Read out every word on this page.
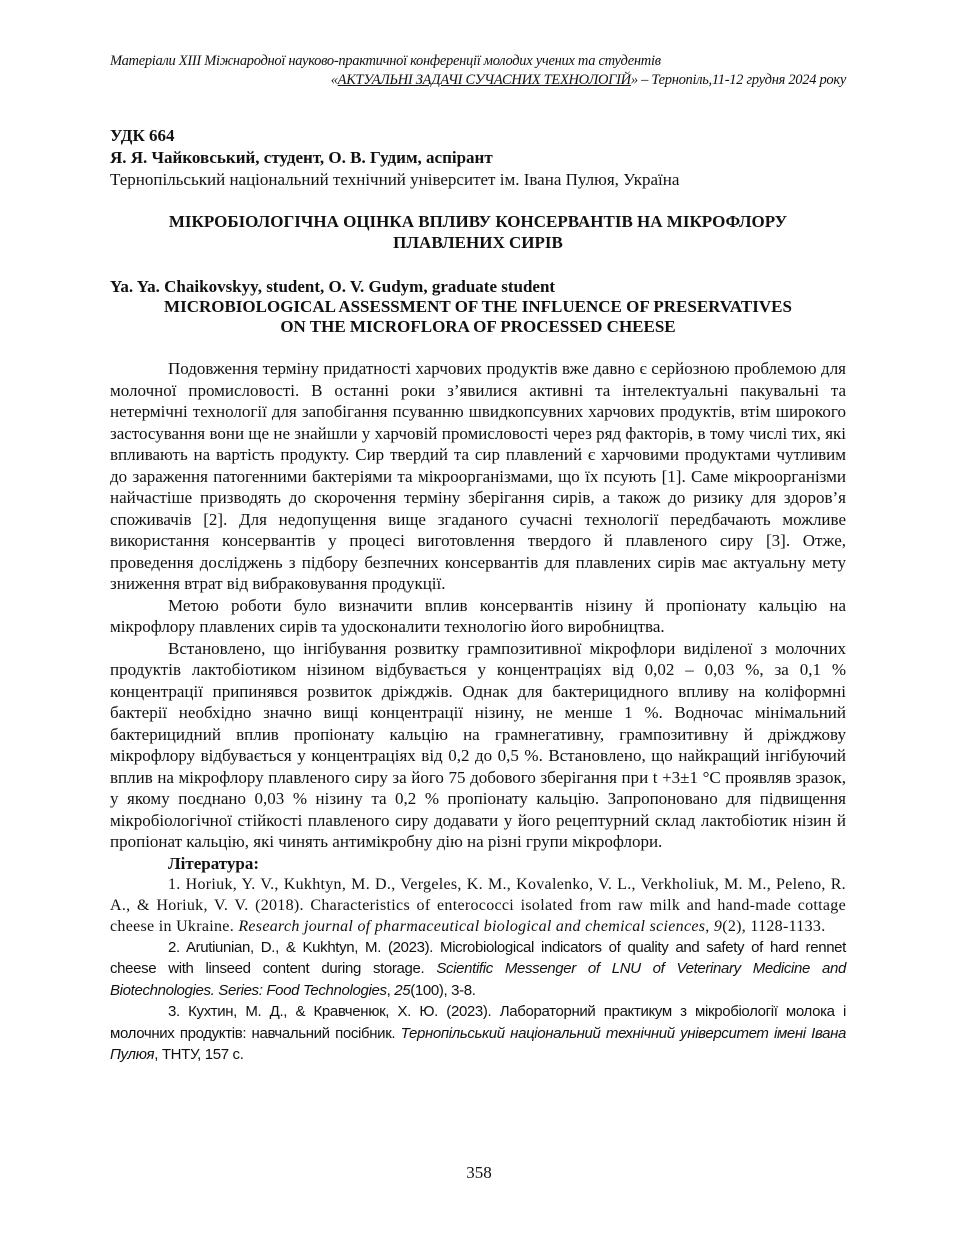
Матеріали XIII Міжнародної науково-практичної конференції молодих учених та студентів
«АКТУАЛЬНІ ЗАДАЧІ СУЧАСНИХ ТЕХНОЛОГІЙ» – Тернопіль,11-12 грудня 2024 року
УДК 664
Я. Я. Чайковський, студент, О. В. Гудим, аспірант
Тернопільський національний технічний університет ім. Івана Пулюя, Україна
МІКРОБІОЛОГІЧНА ОЦІНКА ВПЛИВУ КОНСЕРВАНТІВ НА МІКРОФЛОРУ
ПЛАВЛЕНИХ СИРІВ
Ya. Ya. Chaikovskyy, student, O. V. Gudym, graduate student
MICROBIOLOGICAL ASSESSMENT OF THE INFLUENCE OF PRESERVATIVES
ON THE MICROFLORA OF PROCESSED CHEESE

Подовження терміну придатності харчових продуктів вже давно є серйозною проблемою для молочної промисловості. В останні роки з’явилися активні та інтелектуальні пакувальні та нетермічні технології для запобігання псуванню швидкопсувних харчових продуктів, втім широкого застосування вони ще не знайшли у харчовій промисловості через ряд факторів, в тому числі тих, які впливають на вартість продукту. Сир твердий та сир плавлений є харчовими продуктами чутливим до зараження патогенними бактеріями та мікроорганізмами, що їх псують [1]. Саме мікроорганізми найчастіше призводять до скорочення терміну зберігання сирів, а також до ризику для здоров’я споживачів [2]. Для недопущення вище згаданого сучасні технології передбачають можливе використання консервантів у процесі виготовлення твердого й плавленого сиру [3]. Отже, проведення досліджень з підбору безпечних консервантів для плавлених сирів має актуальну мету зниження втрат від вибраковування продукції.

Метою роботи було визначити вплив консервантів нізину й пропіонату кальцію на мікрофлору плавлених сирів та удосконалити технологію його виробництва.

Встановлено, що інгібування розвитку грампозитивної мікрофлори виділеної з молочних продуктів лактобіотиком нізином відбувається у концентраціях від 0,02 – 0,03 %, за 0,1 % концентрації припинявся розвиток дріжджів. Однак для бактерицидного впливу на коліформні бактерії необхідно значно вищі концентрації нізину, не менше 1 %. Водночас мінімальний бактерицидний вплив пропіонату кальцію на грамнегативну, грампозитивну й дріжджову мікрофлору відбувається у концентраціях від 0,2 до 0,5 %. Встановлено, що найкращий інгібуючий вплив на мікрофлору плавленого сиру за його 75 добового зберігання при t +3±1 °С проявляв зразок, у якому поєднано 0,03 % нізину та 0,2 % пропіонату кальцію. Запропоновано для підвищення мікробіологічної стійкості плавленого сиру додавати у його рецептурний склад лактобіотик нізин й пропіонат кальцію, які чинять антимікробну дію на різні групи мікрофлори.

Література:

1. Horiuk, Y. V., Kukhtyn, M. D., Vergeles, K. M., Kovalenko, V. L., Verkholiuk, M. M., Peleno, R. A., & Horiuk, V. V. (2018). Characteristics of enterococci isolated from raw milk and hand-made cottage cheese in Ukraine. Research journal of pharmaceutical biological and chemical sciences, 9(2), 1128-1133.

2. Arutiunian, D., & Kukhtyn, M. (2023). Microbiological indicators of quality and safety of hard rennet cheese with linseed content during storage. Scientific Messenger of LNU of Veterinary Medicine and Biotechnologies. Series: Food Technologies, 25(100), 3-8.

3. Кухтин, М. Д., & Кравченюк, Х. Ю. (2023). Лабораторний практикум з мікробіології молока і молочних продуктів: навчальний посібник. Тернопільський національний технічний університет імені Івана Пулюя, ТНТУ, 157 с.

358
